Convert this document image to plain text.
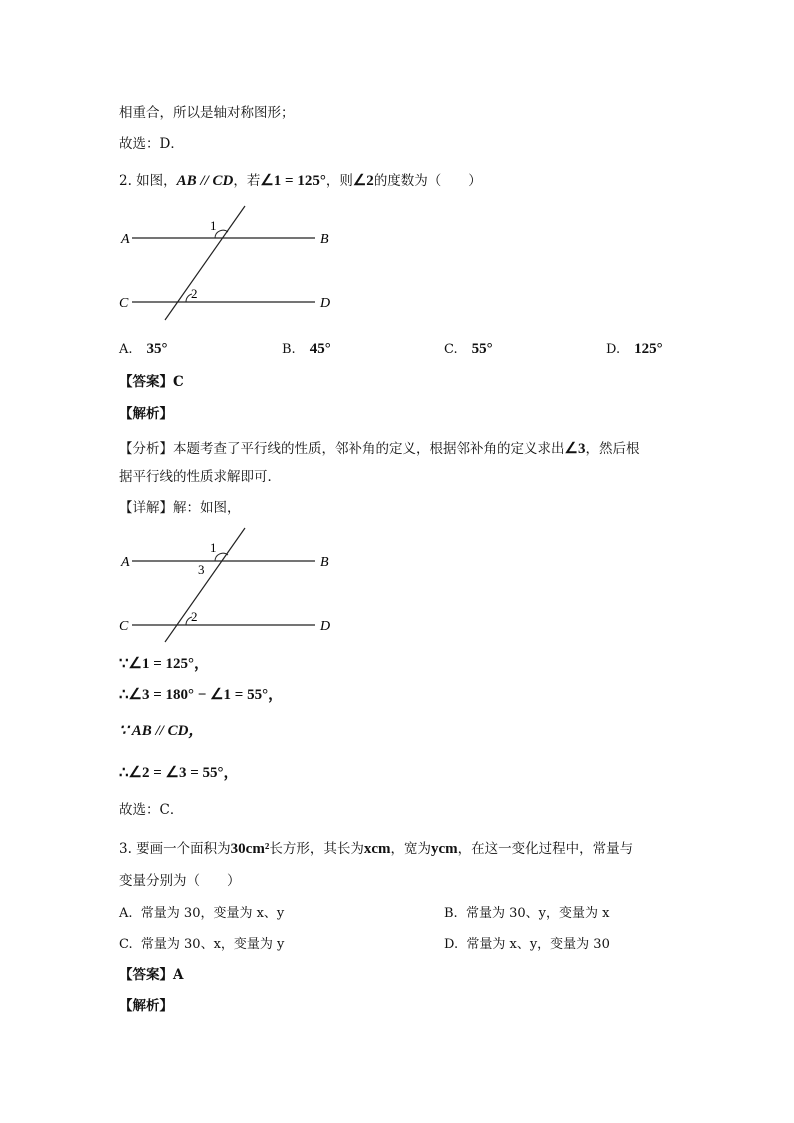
相重合，所以是轴对称图形；
故选：D．
2. 如图，AB // CD，若∠1 = 125°，则∠2的度数为（　　）
A	B
C	D
1
2
A. 35°	B. 45°	C. 55°	D. 125°
【答案】C
【解析】
【分析】本题考查了平行线的性质，邻补角的定义，根据邻补角的定义求出∠3，然后根
据平行线的性质求解即可．
【详解】解：如图，
A	B
C	D
1
3
2
∵∠1 = 125°，
∴∠3 = 180° − ∠1 = 55°，
∵ AB // CD，
∴∠2 = ∠3 = 55°，
故选：C．
3. 要画一个面积为30cm²长方形，其长为xcm，宽为ycm，在这一变化过程中，常量与
变量分别为（　　）
A. 常量为 30，变量为 x、y	B. 常量为 30、y，变量为 x
C. 常量为 30、x，变量为 y	D. 常量为 x、y，变量为 30
【答案】A
【解析】
